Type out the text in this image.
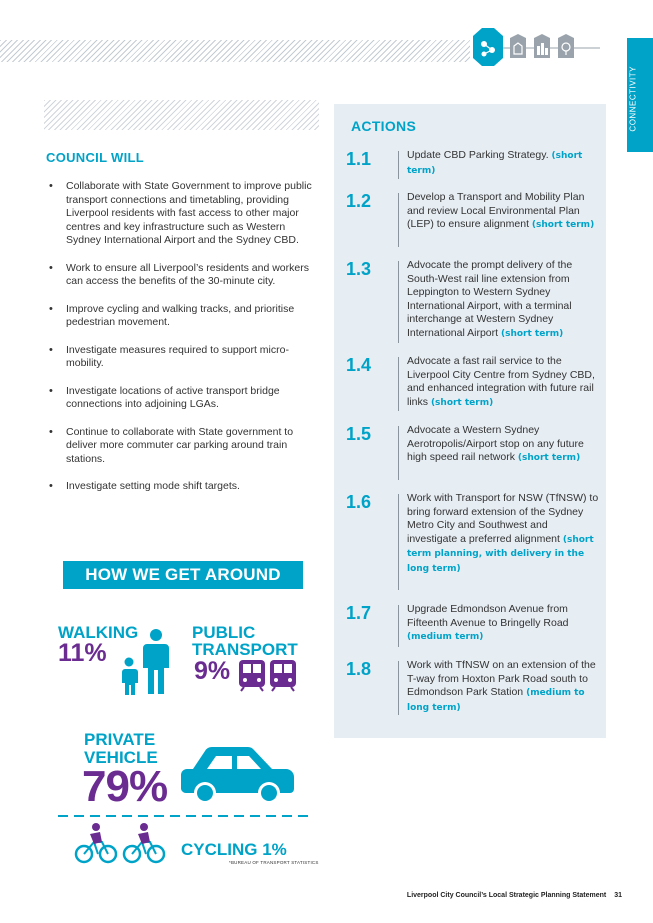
CONNECTIVITY
COUNCIL WILL
• Collaborate with State Government to improve public transport connections and timetabling, providing Liverpool residents with fast access to other major centres and key infrastructure such as Western Sydney International Airport and the Sydney CBD.
• Work to ensure all Liverpool’s residents and workers can access the benefits of the 30-minute city.
• Improve cycling and walking tracks, and prioritise pedestrian movement.
• Investigate measures required to support micro-mobility.
• Investigate locations of active transport bridge connections into adjoining LGAs.
• Continue to collaborate with State government to deliver more commuter car parking around train stations.
• Investigate setting mode shift targets.
HOW WE GET AROUND
WALKING
11%
PUBLIC
TRANSPORT
9%
PRIVATE
VEHICLE
79%
CYCLING 1%
*BUREAU OF TRANSPORT STATISTICS
ACTIONS
1.1	Update CBD Parking Strategy. (short term)
1.2	Develop a Transport and Mobility Plan and review Local Environmental Plan (LEP) to ensure alignment (short term)
1.3	Advocate the prompt delivery of the South-West rail line extension from Leppington to Western Sydney International Airport, with a terminal interchange at Western Sydney International Airport (short term)
1.4	Advocate a fast rail service to the Liverpool City Centre from Sydney CBD, and enhanced integration with future rail links (short term)
1.5	Advocate a Western Sydney Aerotropolis/Airport stop on any future high speed rail network (short term)
1.6	Work with Transport for NSW (TfNSW) to bring forward extension of the Sydney Metro City and Southwest and investigate a preferred alignment (short term planning, with delivery in the long term)
1.7	Upgrade Edmondson Avenue from Fifteenth Avenue to Bringelly Road (medium term)
1.8	Work with TfNSW on an extension of the T-way from Hoxton Park Road south to Edmondson Park Station (medium to long term)
Liverpool City Council’s Local Strategic Planning Statement 31
